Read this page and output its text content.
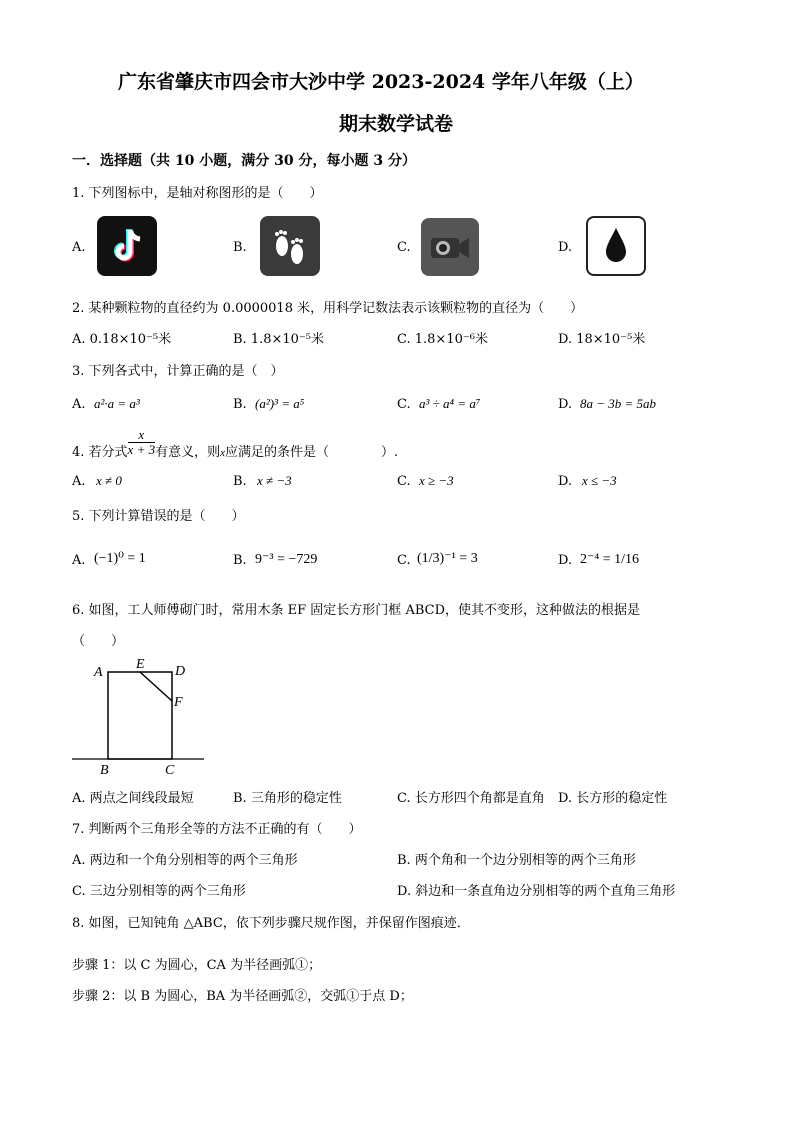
广东省肇庆市四会市大沙中学 2023-2024 学年八年级（上）
期末数学试卷
一．选择题（共 10 小题，满分 30 分，每小题 3 分）
1. 下列图标中，是轴对称图形的是（　　）
A.	B.	C.	D.
2. 某种颗粒物的直径约为 0.0000018 米，用科学记数法表示该颗粒物的直径为（　　）
A. 0.18×10⁻⁵米	B. 1.8×10⁻⁵米	C. 1.8×10⁻⁶米	D. 18×10⁻⁵米
3. 下列各式中，计算正确的是（　）
A. a²·a = a³	B. (a²)³ = a⁵	C. a³ ÷ a⁴ = a⁷	D. 8a − 3b = 5ab
4. 若分式 $\frac{x}{x + 3}$ 有意义，则$_x$应满足的条件是（　　　　）.
A. x ≠ 0	B. x ≠ −3	C. x ≥ −3	D. x ≤ −3
5. 下列计算错误的是（　　）
A. (−1)⁰ = 1	B. 9⁻³ = −729	C. (1/3)⁻¹ = 3	D. 2⁻⁴ = 1/16
6. 如图，工人师傅砌门时，常用木条 EF 固定长方形门框 ABCD，使其不变形，这种做法的根据是
（　　）
A
E D
F
B	C
A. 两点之间线段最短	B. 三角形的稳定性	C. 长方形四个角都是直角 D. 长方形的稳定性
7. 判断两个三角形全等的方法不正确的有（　　）
A. 两边和一个角分别相等的两个三角形	B. 两个角和一个边分别相等的两个三角形
C. 三边分别相等的两个三角形	D. 斜边和一条直角边分别相等的两个直角三角形
8. 如图，已知钝角 △ABC，依下列步骤尺规作图，并保留作图痕迹．
步骤 1：以 C 为圆心，CA 为半径画弧①；
步骤 2：以 B 为圆心，BA 为半径画弧②，交弧①于点 D；
